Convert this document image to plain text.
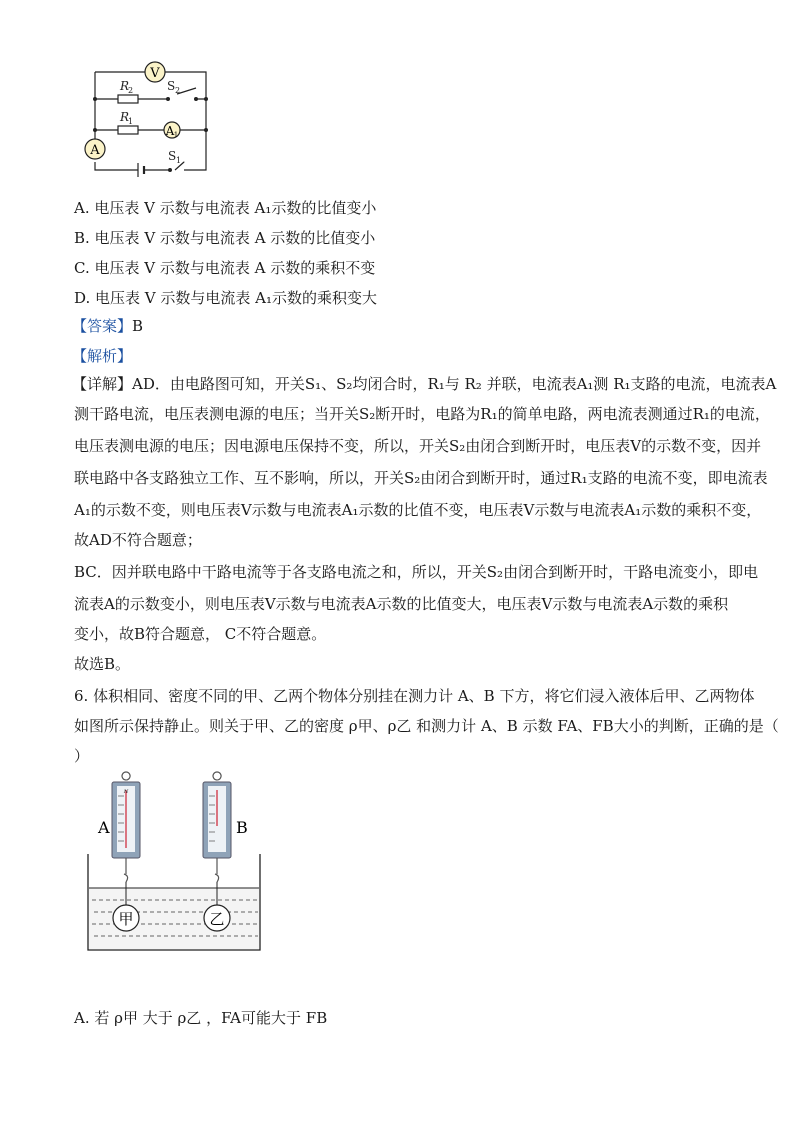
V
A 1
A
R
2
R
1
S 2
S 1
A. 电压表 V 示数与电流表 A₁示数的比值变小
B. 电压表 V 示数与电流表 A 示数的比值变小
C. 电压表 V 示数与电流表 A 示数的乘积不变
D. 电压表 V 示数与电流表 A₁示数的乘积变大
【答案】B
【解析】
【详解】AD．由电路图可知，开关S₁、S₂均闭合时，R₁与 R₂ 并联，电流表A₁测 R₁支路的电流，电流表A
测干路电流，电压表测电源的电压；当开关S₂断开时，电路为R₁的简单电路，两电流表测通过R₁的电流，
电压表测电源的电压；因电源电压保持不变，所以，开关S₂由闭合到断开时，电压表V的示数不变，因并
联电路中各支路独立工作、互不影响，所以，开关S₂由闭合到断开时，通过R₁支路的电流不变，即电流表
A₁的示数不变，则电压表V示数与电流表A₁示数的比值不变，电压表V示数与电流表A₁示数的乘积不变，
故AD不符合题意；
BC．因并联电路中干路电流等于各支路电流之和，所以，开关S₂由闭合到断开时，干路电流变小，即电
流表A的示数变小，则电压表V示数与电流表A示数的比值变大，电压表V示数与电流表A示数的乘积
变小，故B符合题意， C不符合题意。
故选B。
6. 体积相同、密度不同的甲、乙两个物体分别挂在测力计 A、B 下方，将它们浸入液体后甲、乙两物体
如图所示保持静止。则关于甲、乙的密度 ρ甲、ρ乙 和测力计 A、B 示数 FA、FB大小的判断，正确的是（
）
N
A	B
甲	乙
A. 若 ρ甲 大于 ρ乙 ，FA可能大于 FB
